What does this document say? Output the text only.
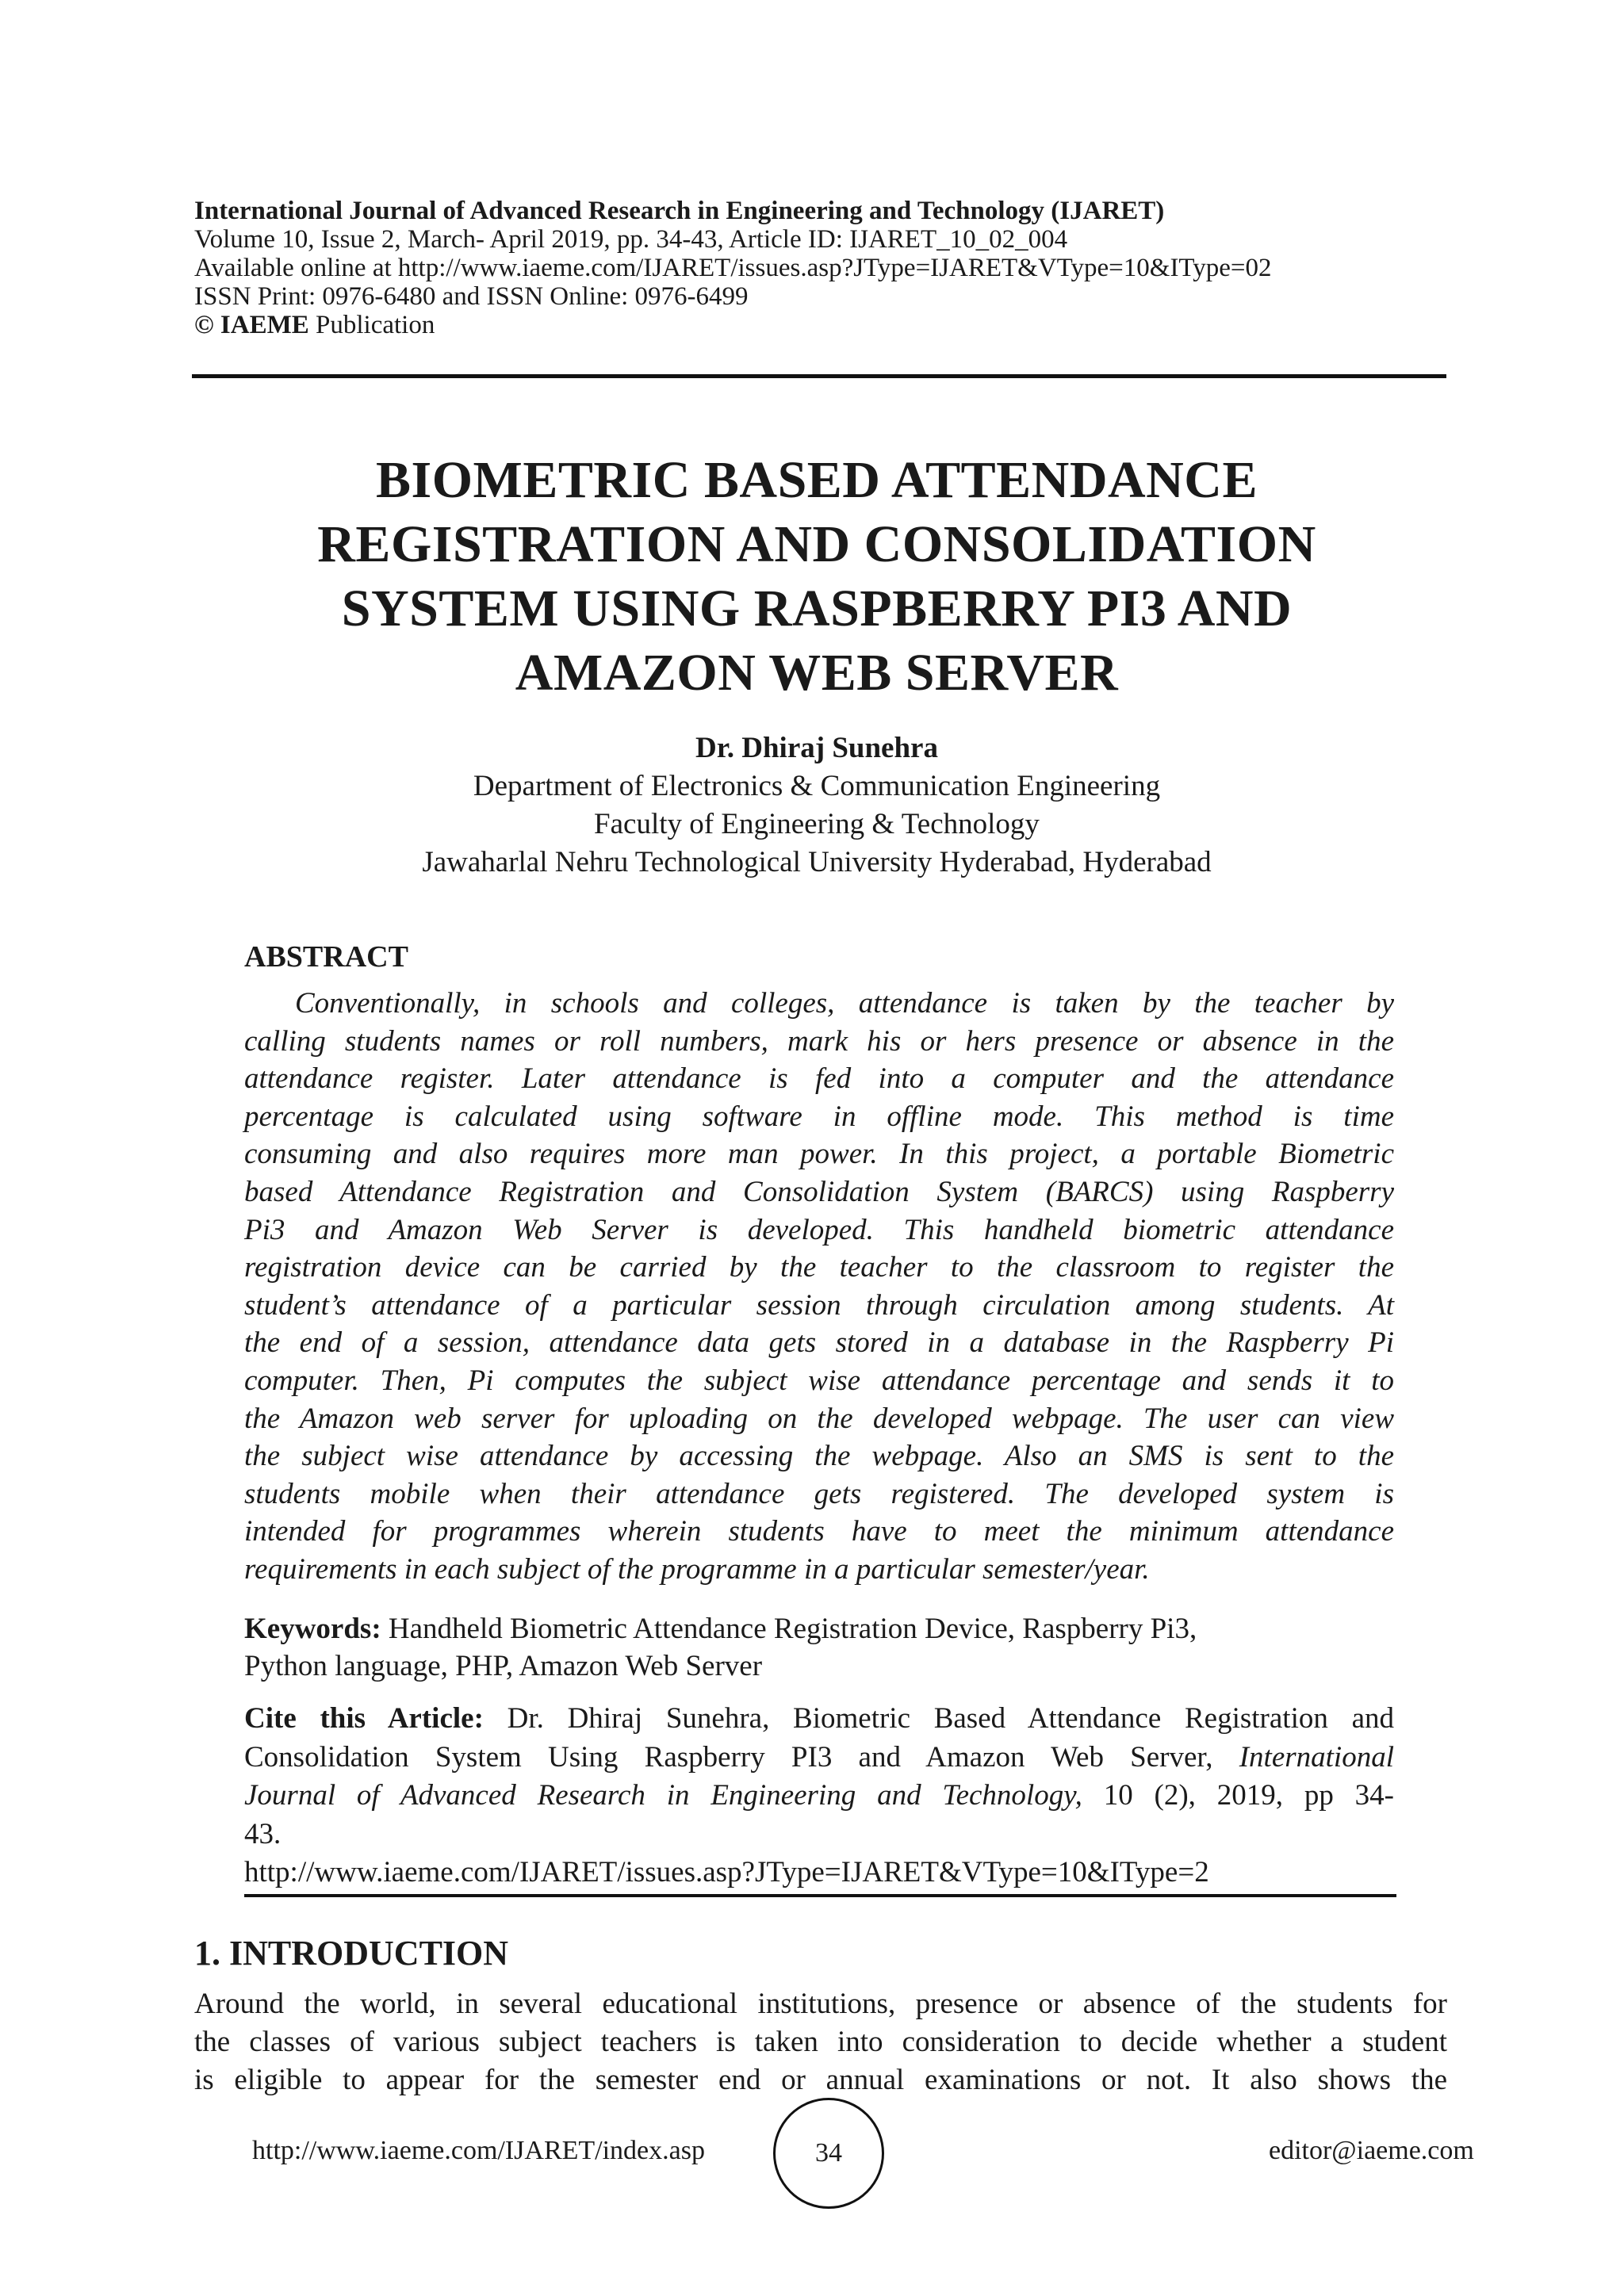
International Journal of Advanced Research in Engineering and Technology (IJARET)
Volume 10, Issue 2, March- April 2019, pp. 34-43, Article ID: IJARET_10_02_004
Available online at http://www.iaeme.com/IJARET/issues.asp?JType=IJARET&VType=10&IType=02
ISSN Print: 0976-6480 and ISSN Online: 0976-6499
© IAEME Publication
BIOMETRIC BASED ATTENDANCE
REGISTRATION AND CONSOLIDATION
SYSTEM USING RASPBERRY PI3 AND
AMAZON WEB SERVER
Dr. Dhiraj Sunehra
Department of Electronics & Communication Engineering
Faculty of Engineering & Technology
Jawaharlal Nehru Technological University Hyderabad, Hyderabad
ABSTRACT
Conventionally, in schools and colleges, attendance is taken by the teacher by
calling students names or roll numbers, mark his or hers presence or absence in the
attendance register. Later attendance is fed into a computer and the attendance
percentage is calculated using software in offline mode. This method is time
consuming and also requires more man power. In this project, a portable Biometric
based Attendance Registration and Consolidation System (BARCS) using Raspberry
Pi3 and Amazon Web Server is developed. This handheld biometric attendance
registration device can be carried by the teacher to the classroom to register the
student’s attendance of a particular session through circulation among students. At
the end of a session, attendance data gets stored in a database in the Raspberry Pi
computer. Then, Pi computes the subject wise attendance percentage and sends it to
the Amazon web server for uploading on the developed webpage. The user can view
the subject wise attendance by accessing the webpage. Also an SMS is sent to the
students mobile when their attendance gets registered. The developed system is
intended for programmes wherein students have to meet the minimum attendance
requirements in each subject of the programme in a particular semester/year.
Keywords: Handheld Biometric Attendance Registration Device, Raspberry Pi3,
Python language, PHP, Amazon Web Server
Cite this Article: Dr. Dhiraj Sunehra, Biometric Based Attendance Registration and
Consolidation System Using Raspberry PI3 and Amazon Web Server, International
Journal of Advanced Research in Engineering and Technology, 10 (2), 2019, pp 34-
43.
http://www.iaeme.com/IJARET/issues.asp?JType=IJARET&VType=10&IType=2
1. INTRODUCTION
Around the world, in several educational institutions, presence or absence of the students for
the classes of various subject teachers is taken into consideration to decide whether a student
is eligible to appear for the semester end or annual examinations or not. It also shows the
http://www.iaeme.com/IJARET/index.asp	34	editor@iaeme.com
